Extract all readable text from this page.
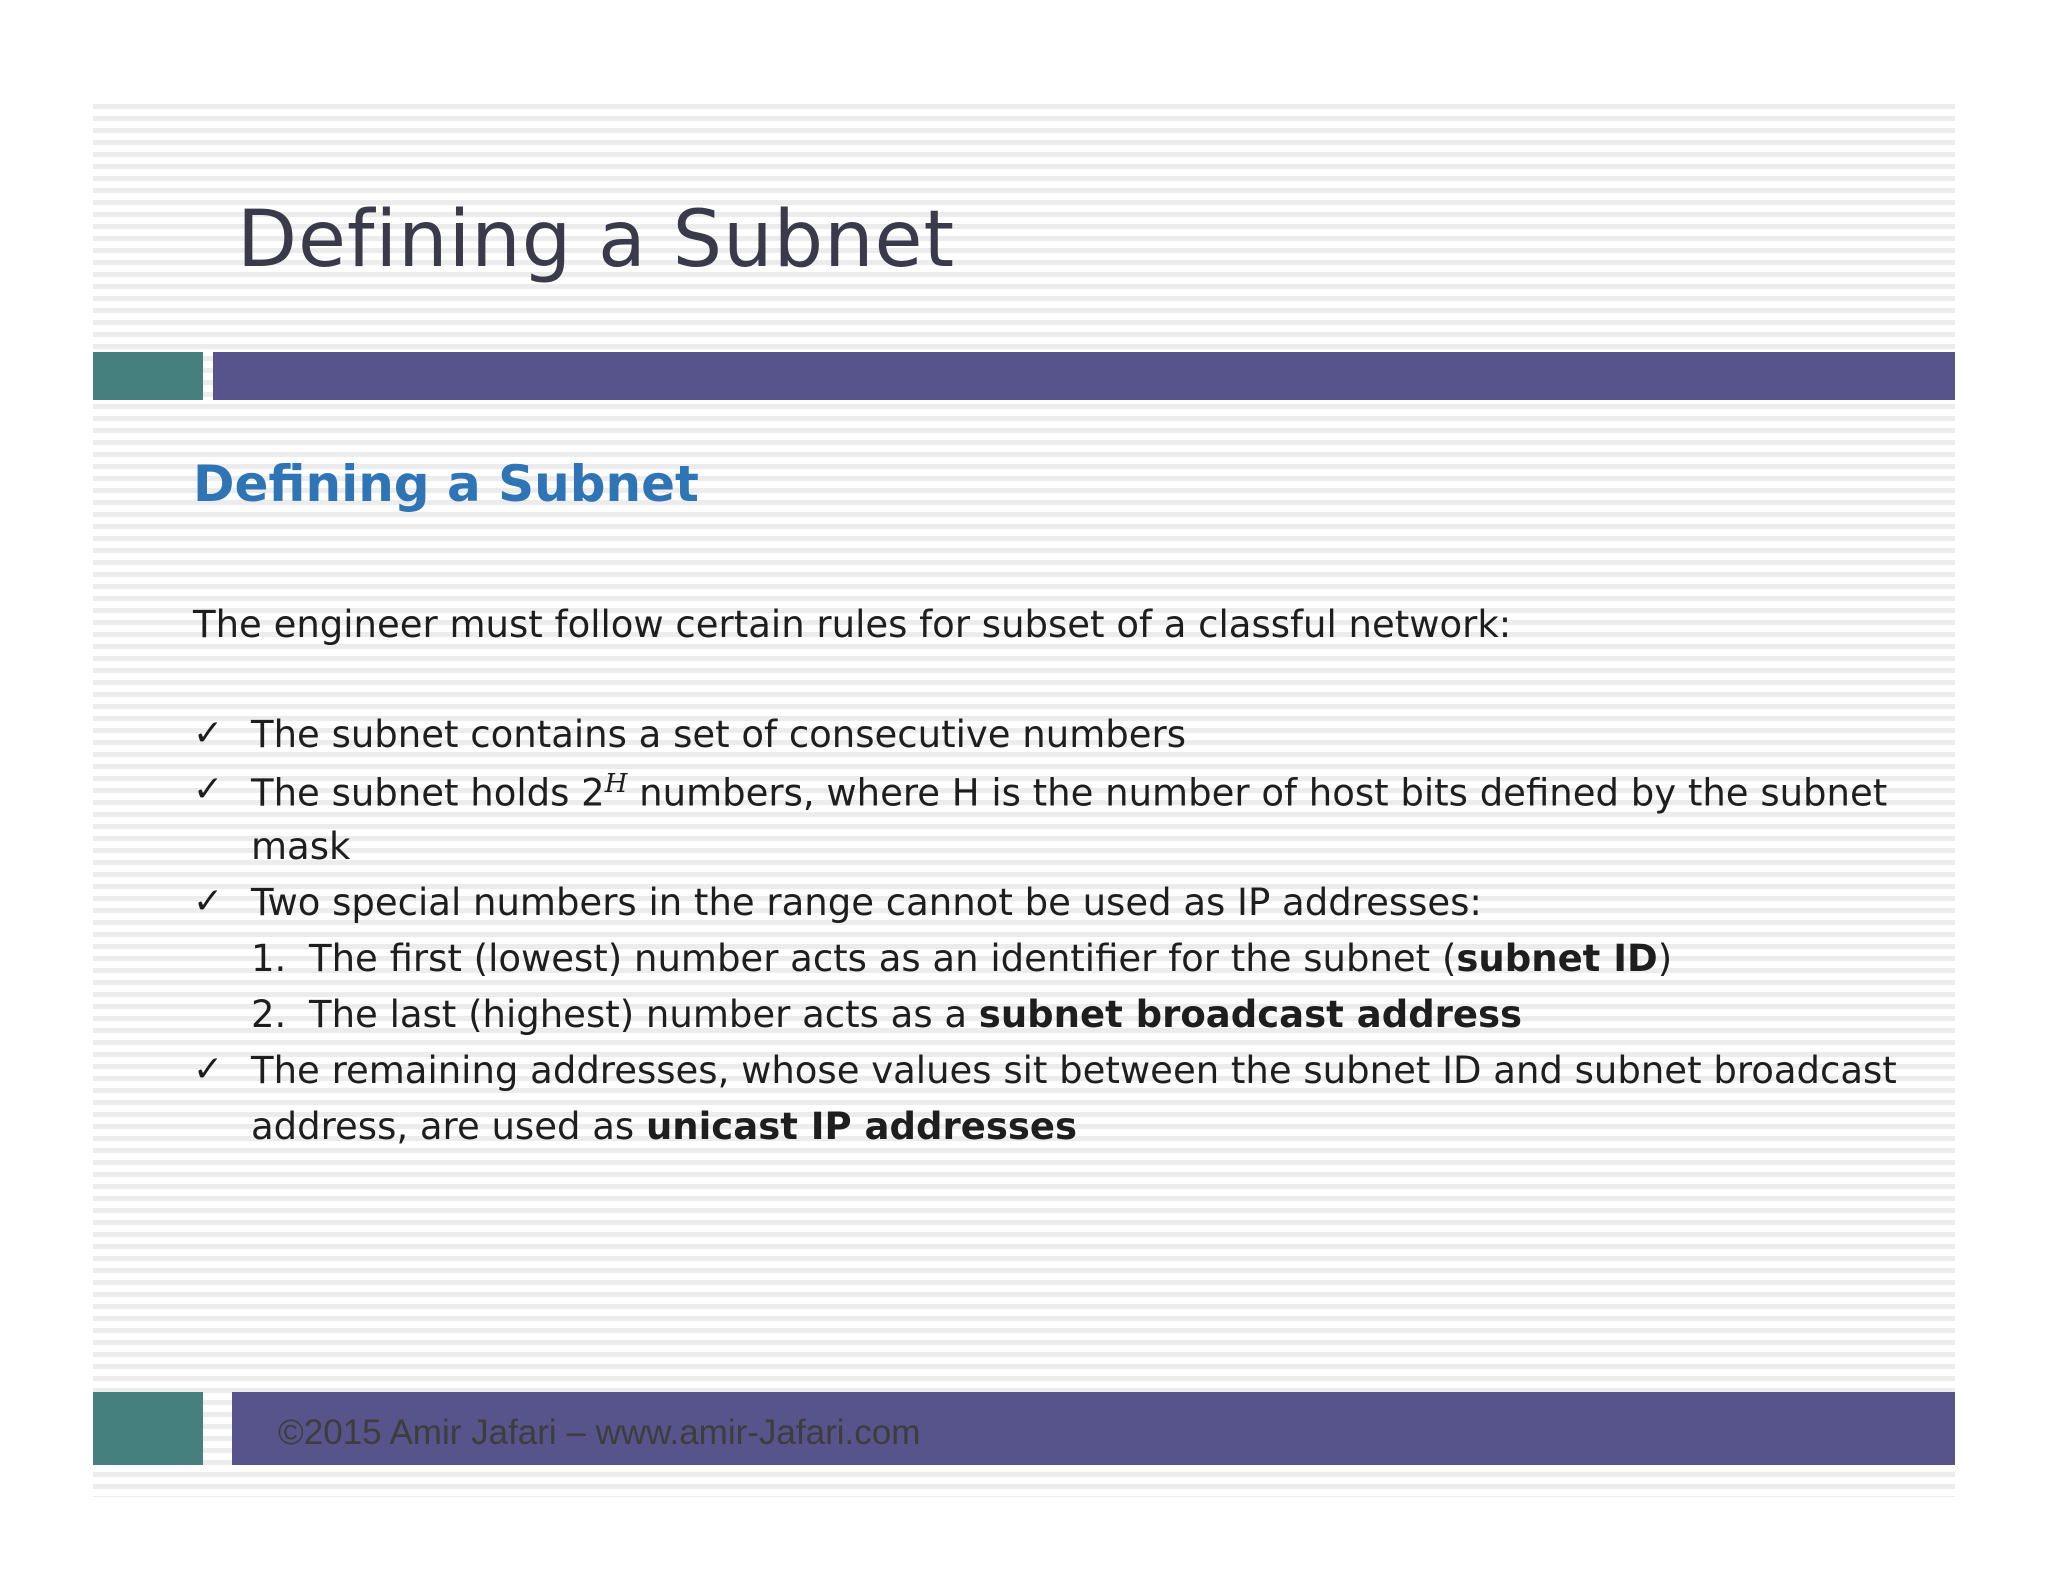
Defining a Subnet
Defining a Subnet
The engineer must follow certain rules for subset of a classful network:
✓ The subnet contains a set of consecutive numbers
✓ The subnet holds $2^H$ numbers, where H is the number of host bits defined by the subnet
mask
✓ Two special numbers in the range cannot be used as IP addresses:
1. The first (lowest) number acts as an identifier for the subnet (subnet ID)
2. The last (highest) number acts as a subnet broadcast address
✓ The remaining addresses, whose values sit between the subnet ID and subnet broadcast
address, are used as unicast IP addresses
©2015 Amir Jafari – www.amir-Jafari.com
